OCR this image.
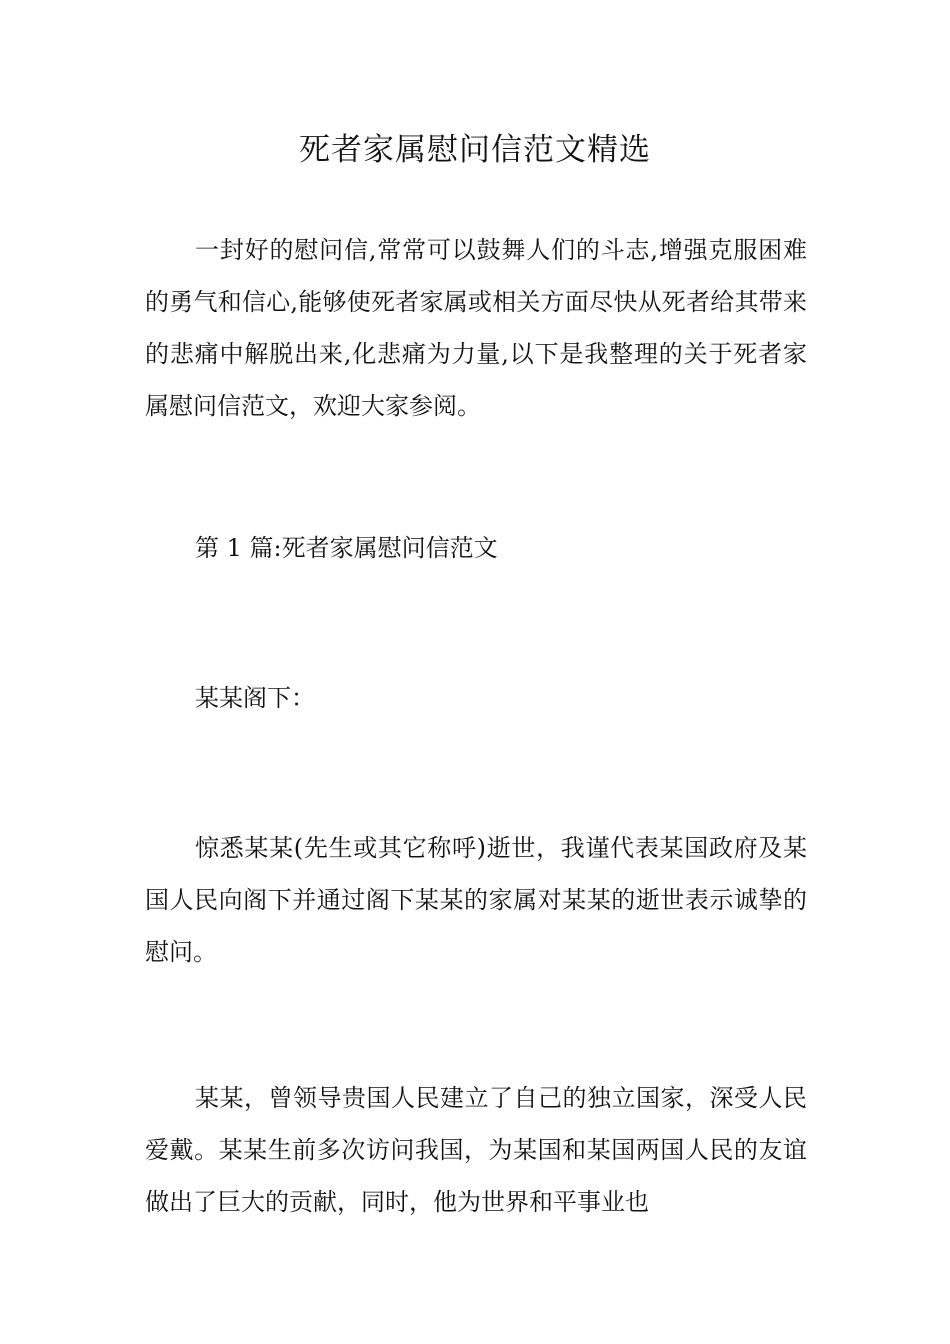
死者家属慰问信范文精选

一封好的慰问信,常常可以鼓舞人们的斗志,增强克服困难的勇气和信心,能够使死者家属或相关方面尽快从死者给其带来的悲痛中解脱出来,化悲痛为力量,以下是我整理的关于死者家属慰问信范文，欢迎大家参阅。

第 1 篇:死者家属慰问信范文

某某阁下：

惊悉某某(先生或其它称呼)逝世，我谨代表某国政府及某国人民向阁下并通过阁下某某的家属对某某的逝世表示诚挚的慰问。

某某，曾领导贵国人民建立了自己的独立国家，深受人民爱戴。某某生前多次访问我国，为某国和某国两国人民的友谊做出了巨大的贡献，同时，他为世界和平事业也
